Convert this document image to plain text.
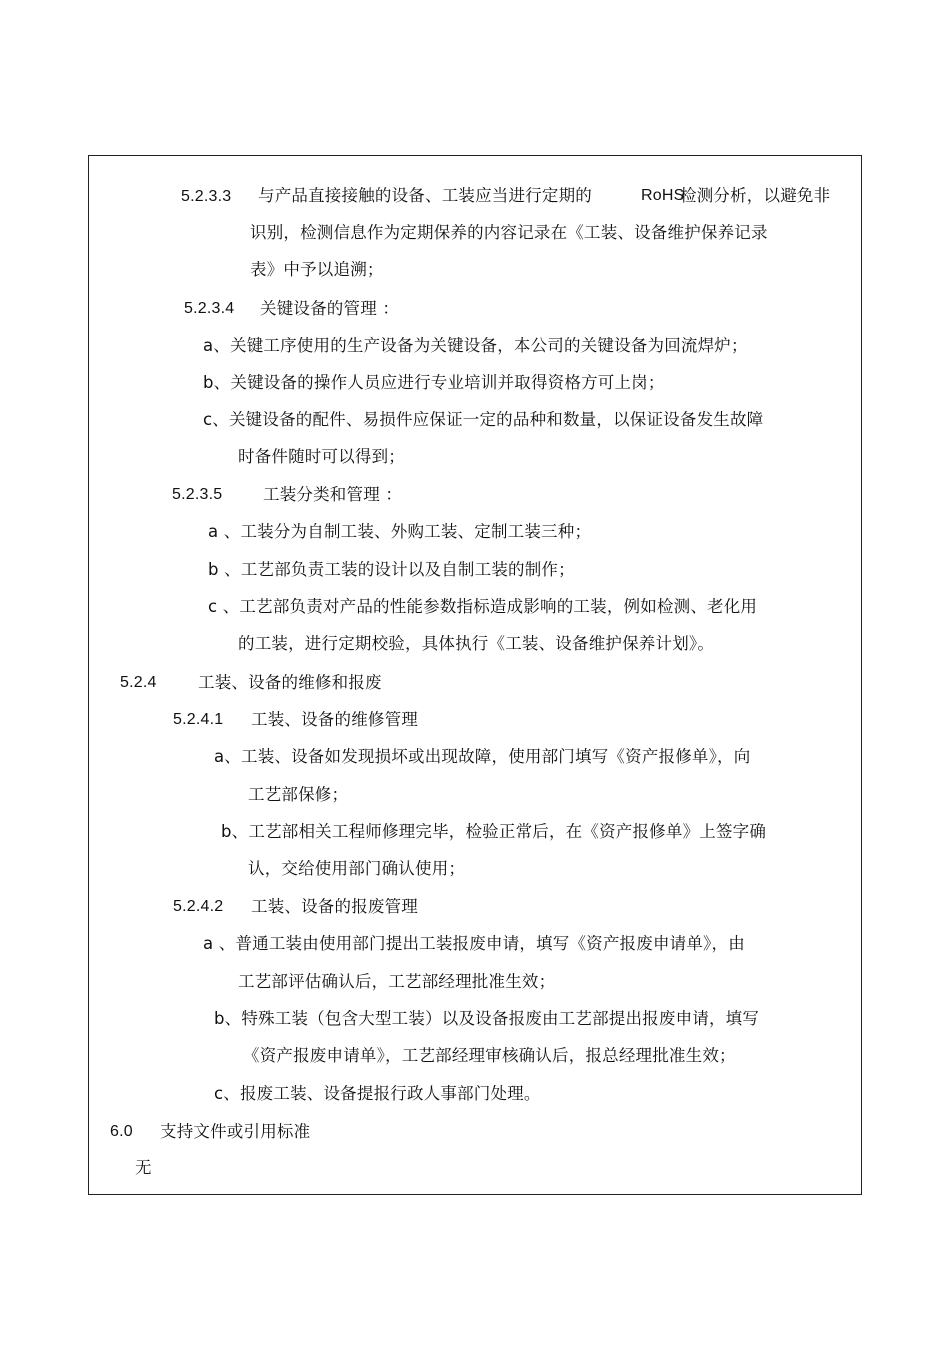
5.2.3.3 与产品直接接触的设备、工装应当进行定期的	RoHS
检测分析，以避免非
识别，检测信息作为定期保养的内容记录在《工装、设备维护保养记录
表》中予以追溯；
5.2.3.4 关键设备的管理 ：
a、关键工序使用的生产设备为关键设备，本公司的关键设备为回流焊炉；
b、关键设备的操作人员应进行专业培训并取得资格方可上岗；
c、关键设备的配件、易损件应保证一定的品种和数量，以保证设备发生故障
时备件随时可以得到；
5.2.3.5 工装分类和管理 ：
a 、工装分为自制工装、外购工装、定制工装三种；
b 、工艺部负责工装的设计以及自制工装的制作；
c 、工艺部负责对产品的性能参数指标造成影响的工装，例如检测、老化用
的工装，进行定期校验，具体执行《工装、设备维护保养计划》。
5.2.4	工装、设备的维修和报废
5.2.4.1 工装、设备的维修管理
a、工装、设备如发现损坏或出现故障，使用部门填写《资产报修单》，向
工艺部保修；
b、工艺部相关工程师修理完毕，检验正常后，在《资产报修单》上签字确
认，交给使用部门确认使用；
5.2.4.2 工装、设备的报废管理
a 、普通工装由使用部门提出工装报废申请，填写《资产报废申请单》，由
工艺部评估确认后，工艺部经理批准生效；
b、特殊工装（包含大型工装）以及设备报废由工艺部提出报废申请，填写
《资产报废申请单》，工艺部经理审核确认后，报总经理批准生效；
c、报废工装、设备提报行政人事部门处理。
6.0 支持文件或引用标准
无
